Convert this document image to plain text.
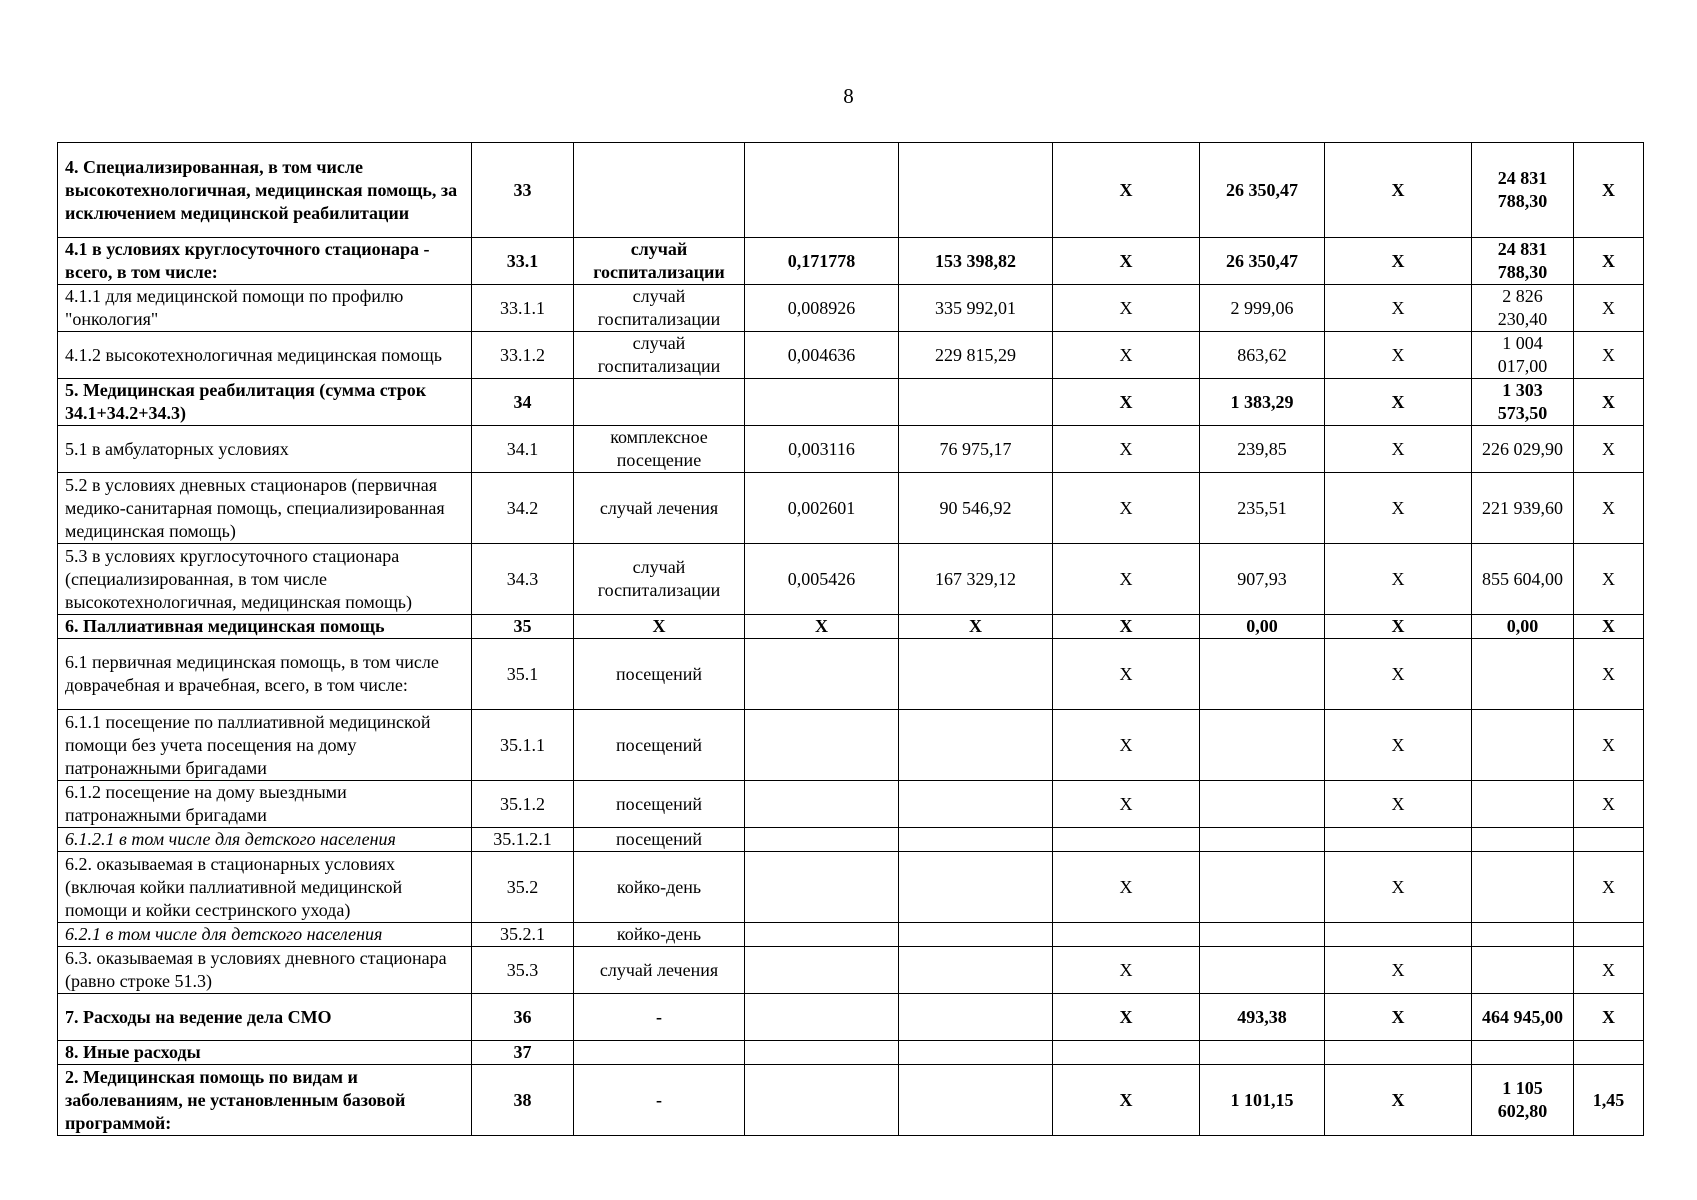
8
4. Специализированная, в том числе высокотехнологичная, медицинская помощь, за исключением медицинской реабилитации	33				X	26 350,47	X	24 831 788,30	X
4.1 в условиях круглосуточного стационара - всего, в том числе:	33.1	случай госпитализации	0,171778	153 398,82	X	26 350,47	X	24 831 788,30	X
4.1.1 для медицинской помощи по профилю "онкология"	33.1.1	случай госпитализации	0,008926	335 992,01	X	2 999,06	X	2 826 230,40	X
4.1.2 высокотехнологичная медицинская помощь	33.1.2	случай госпитализации	0,004636	229 815,29	X	863,62	X	1 004 017,00	X
5. Медицинская реабилитация (сумма строк 34.1+34.2+34.3)	34				X	1 383,29	X	1 303 573,50	X
5.1 в амбулаторных условиях	34.1	комплексное посещение	0,003116	76 975,17	X	239,85	X	226 029,90	X
5.2 в условиях дневных стационаров (первичная медико-санитарная помощь, специализированная медицинская помощь)	34.2	случай лечения	0,002601	90 546,92	X	235,51	X	221 939,60	X
5.3 в условиях круглосуточного стационара (специализированная, в том числе высокотехнологичная, медицинская помощь)	34.3	случай госпитализации	0,005426	167 329,12	X	907,93	X	855 604,00	X
6. Паллиативная медицинская помощь	35	X	X	X	X	0,00	X	0,00	X
6.1 первичная медицинская помощь, в том числе доврачебная и врачебная, всего, в том числе:	35.1	посещений			X		X		X
6.1.1 посещение по паллиативной медицинской помощи без учета посещения на дому патронажными бригадами	35.1.1	посещений			X		X		X
6.1.2 посещение на дому выездными патронажными бригадами	35.1.2	посещений			X		X		X
6.1.2.1 в том числе для детского населения	35.1.2.1	посещений							
6.2. оказываемая в стационарных условиях (включая койки паллиативной медицинской помощи и койки сестринского ухода)	35.2	койко-день			X		X		X
6.2.1 в том числе для детского населения	35.2.1	койко-день							
6.3. оказываемая в условиях дневного стационара (равно строке 51.3)	35.3	случай лечения			X		X		X
7. Расходы на ведение дела СМО	36	-			X	493,38	X	464 945,00	X
8. Иные расходы	37								
2. Медицинская помощь по видам и заболеваниям, не установленным базовой программой:	38	-			X	1 101,15	X	1 105 602,80	1,45
